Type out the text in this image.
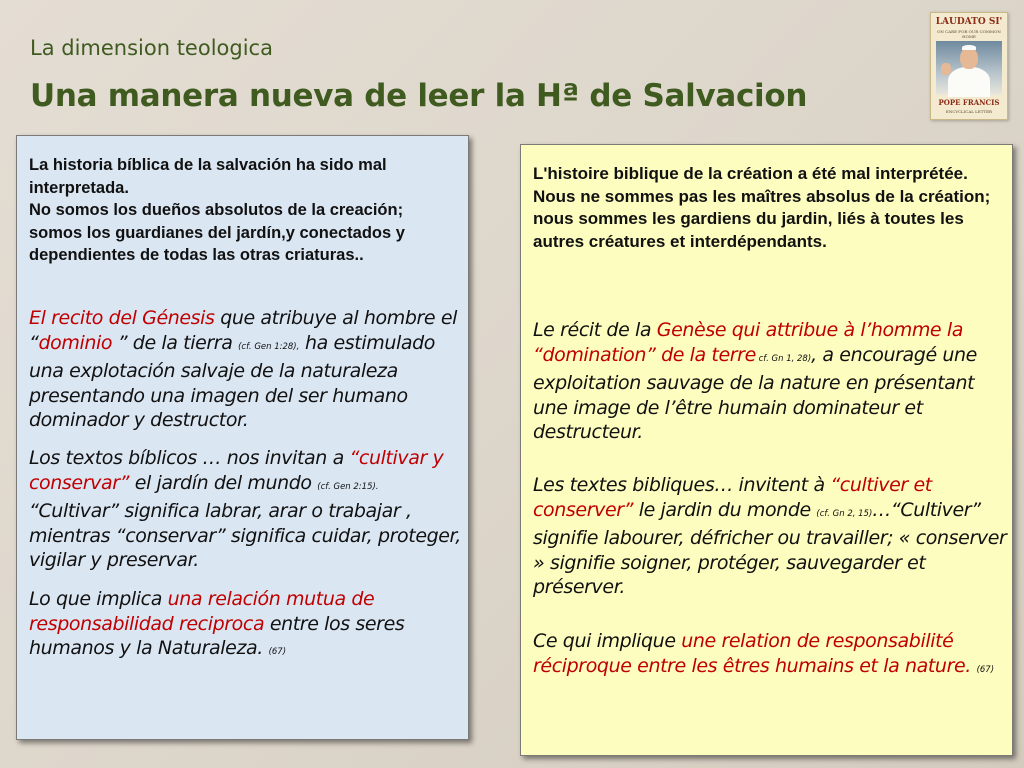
La dimension teologica
Una manera nueva de leer la Hª de Salvacion
LAUDATO SI'
ON CARE FOR OUR COMMON HOME
POPE FRANCIS
ENCYCLICAL LETTER
La historia bíblica de la salvación ha sido mal interpretada.
No somos los dueños absolutos de la creación; somos los guardianes del jardín,y conectados y dependientes de todas las otras criaturas..
El recito del Génesis que atribuye al hombre el “dominio ” de la tierra (cf. Gen 1:28), ha estimulado una explotación salvaje de la naturaleza presentando una imagen del ser humano dominador y destructor.
Los textos bíblicos … nos invitan a “cultivar y conservar” el jardín del mundo (cf. Gen 2:15). “Cultivar” significa labrar, arar o trabajar , mientras “conservar” significa cuidar, proteger, vigilar y preservar.
Lo que implica una relación mutua de responsabilidad reciproca entre los seres humanos y la Naturaleza. (67)
L'histoire biblique de la création a été mal interprétée.
Nous ne sommes pas les maîtres absolus de la création; nous sommes les gardiens du jardin, liés à toutes les autres créatures et interdépendants.
Le récit de la Genèse qui attribue à l’homme la “domination” de la terre cf. Gn 1, 28), a encouragé une exploitation sauvage de la nature en présentant une image de l’être humain dominateur et destructeur.
Les textes bibliques… invitent à “cultiver et conserver” le jardin du monde (cf. Gn 2, 15)…“Cultiver” signifie labourer, défricher ou travailler; « conserver » signifie soigner, protéger, sauvegarder et préserver.
Ce qui implique une relation de responsabilité réciproque entre les êtres humains et la nature. (67)
